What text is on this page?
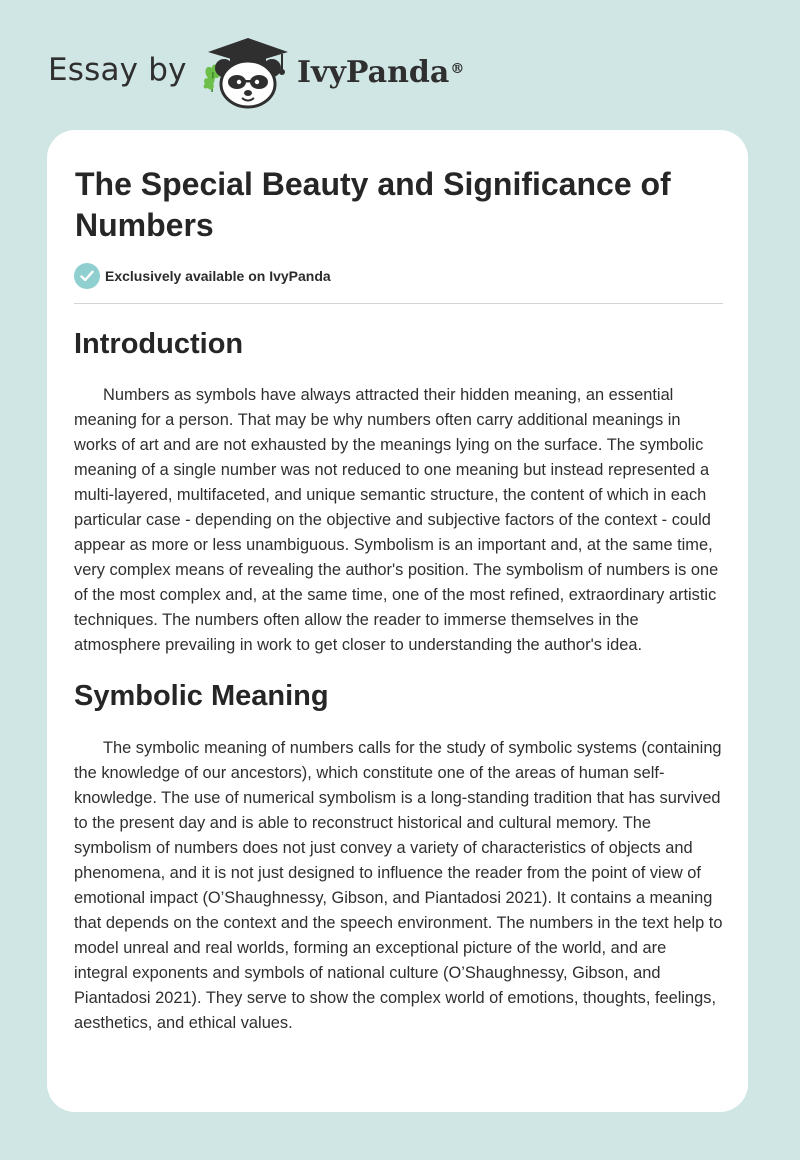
Essay by	IvyPanda®
The Special Beauty and Significance of Numbers
Exclusively available on IvyPanda
Introduction

Numbers as symbols have always attracted their hidden meaning, an essential meaning for a person. That may be why numbers often carry additional meanings in works of art and are not exhausted by the meanings lying on the surface. The symbolic meaning of a single number was not reduced to one meaning but instead represented a multi-layered, multifaceted, and unique semantic structure, the content of which in each particular case - depending on the objective and subjective factors of the context - could appear as more or less unambiguous. Symbolism is an important and, at the same time, very complex means of revealing the author's position. The symbolism of numbers is one of the most complex and, at the same time, one of the most refined, extraordinary artistic techniques. The numbers often allow the reader to immerse themselves in the atmosphere prevailing in work to get closer to understanding the author's idea.

Symbolic Meaning

The symbolic meaning of numbers calls for the study of symbolic systems (containing the knowledge of our ancestors), which constitute one of the areas of human self-knowledge. The use of numerical symbolism is a long-standing tradition that has survived to the present day and is able to reconstruct historical and cultural memory. The symbolism of numbers does not just convey a variety of characteristics of objects and phenomena, and it is not just designed to influence the reader from the point of view of emotional impact (O’Shaughnessy, Gibson, and Piantadosi 2021). It contains a meaning that depends on the context and the speech environment. The numbers in the text help to model unreal and real worlds, forming an exceptional picture of the world, and are integral exponents and symbols of national culture (O’Shaughnessy, Gibson, and Piantadosi 2021). They serve to show the complex world of emotions, thoughts, feelings, aesthetics, and ethical values.
